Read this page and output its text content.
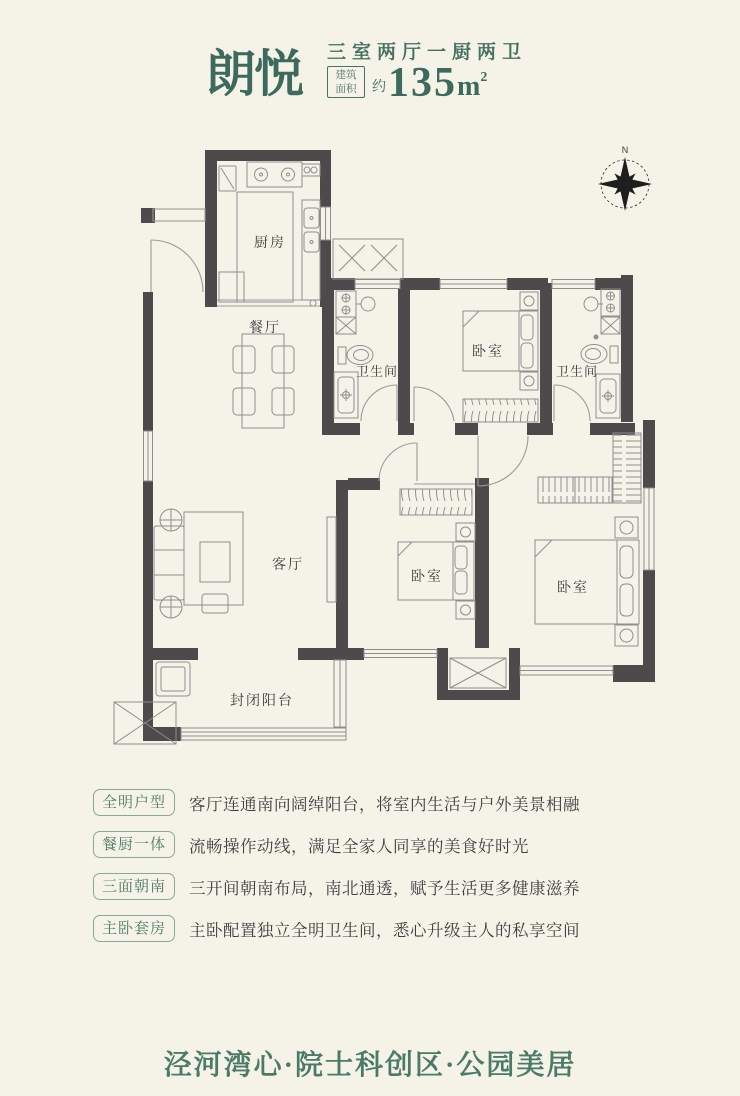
朗悦 三室两厅一厨两卫
建筑
面积	约 135 m 2
N
厨房
餐厅
卫生间
卧室
卫生间
客厅
卧室
卧室
封闭阳台
全明户型	客厅连通南向阔绰阳台，将室内生活与户外美景相融
餐厨一体	流畅操作动线，满足全家人同享的美食好时光
三面朝南	三开间朝南布局，南北通透，赋予生活更多健康滋养
主卧套房	主卧配置独立全明卫生间，悉心升级主人的私享空间
泾河湾心·院士科创区·公园美居
